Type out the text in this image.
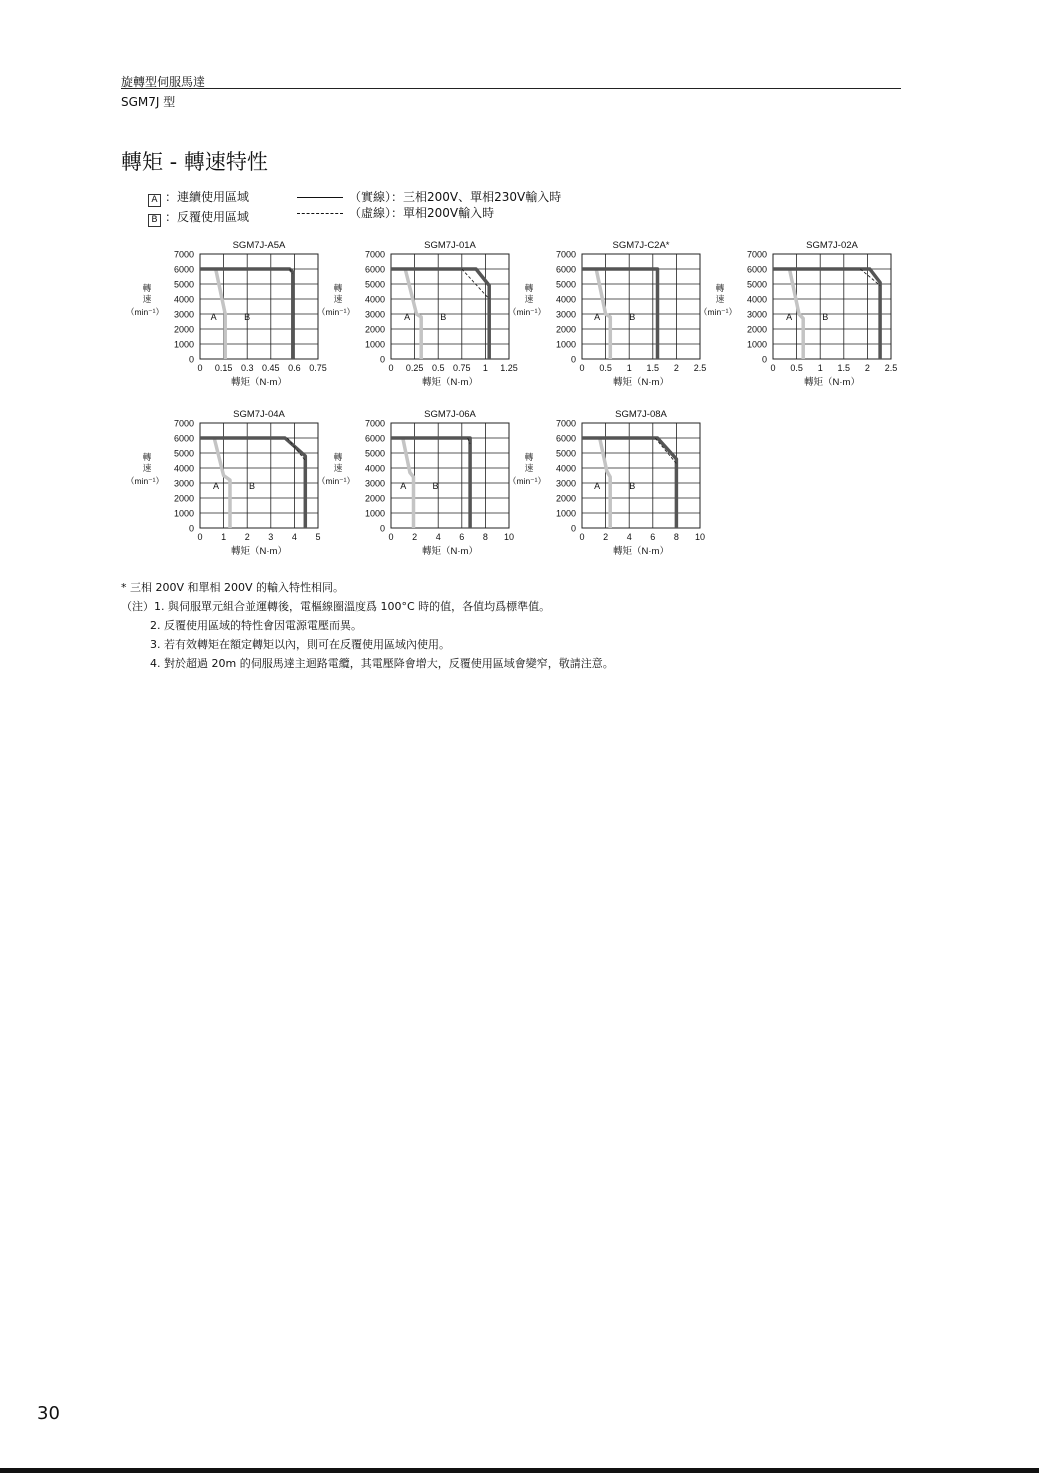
旋轉型伺服馬達
SGM7J 型
轉矩 - 轉速特性
A ：連續使用區域
B ：反覆使用區域
（實線）：三相200V、單相230V輸入時
（虛線）：單相200V輸入時
SGM7J-A5A
0 0.15 0.3 0.45 0.6 0.75
0
1000
2000
3000
4000
5000
6000
7000
轉
速
（min⁻¹）
轉矩（N·m）
A	B
SGM7J-01A
0 0.25 0.5 0.75 1 1.25
0
1000
2000
3000
4000
5000
6000
7000
轉
速
（min⁻¹）
轉矩（N·m）
A	B
SGM7J-C2A*
0 0.5 1 1.5 2 2.5
0
1000
2000
3000
4000
5000
6000
7000
轉
速
（min⁻¹）
轉矩（N·m）
A	B
SGM7J-02A
0 0.5 1 1.5 2 2.5
0
1000
2000
3000
4000
5000
6000
7000
轉
速
（min⁻¹）
轉矩（N·m）
A	B
SGM7J-04A
0 1 2 3 4 5
0
1000
2000
3000
4000
5000
6000
7000
轉
速
（min⁻¹）
轉矩（N·m）
A	B
SGM7J-06A
0 2 4 6 8 10
0
1000
2000
3000
4000
5000
6000
7000
轉
速
（min⁻¹）
轉矩（N·m）
A	B
SGM7J-08A
0 2 4 6 8 10
0
1000
2000
3000
4000
5000
6000
7000
轉
速
（min⁻¹）
轉矩（N·m）
A	B
* 三相 200V 和單相 200V 的輸入特性相同。
（注）1. 與伺服單元組合並運轉後，電樞線圈溫度爲 100°C 時的值，各值均爲標準值。
2. 反覆使用區域的特性會因電源電壓而異。
3. 若有效轉矩在額定轉矩以內，則可在反覆使用區域內使用。
4. 對於超過 20m 的伺服馬達主迴路電纜，其電壓降會增大，反覆使用區域會變窄，敬請注意。
30
